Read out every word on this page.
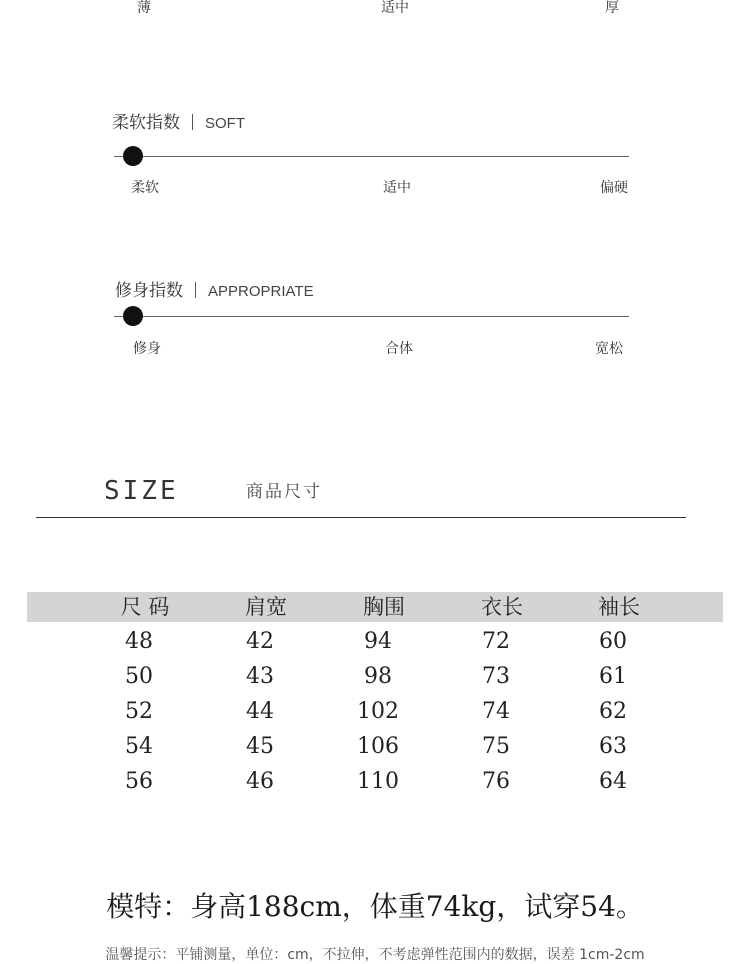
薄	适中	厚
柔软指数 SOFT
柔软	适中	偏硬
修身指数 APPROPRIATE
修身	合体	宽松
SIZE	商品尺寸
尺 码	肩宽	胸围	衣长	袖长
48	42	94	72	60
50	43	98	73	61
52	44	102	74	62
54	45	106	75	63
56	46	110	76	64
模特：身高188cm，体重74kg，试穿54。
温馨提示：平铺测量，单位：cm，不拉伸，不考虑弹性范围内的数据，误差 1cm-2cm
